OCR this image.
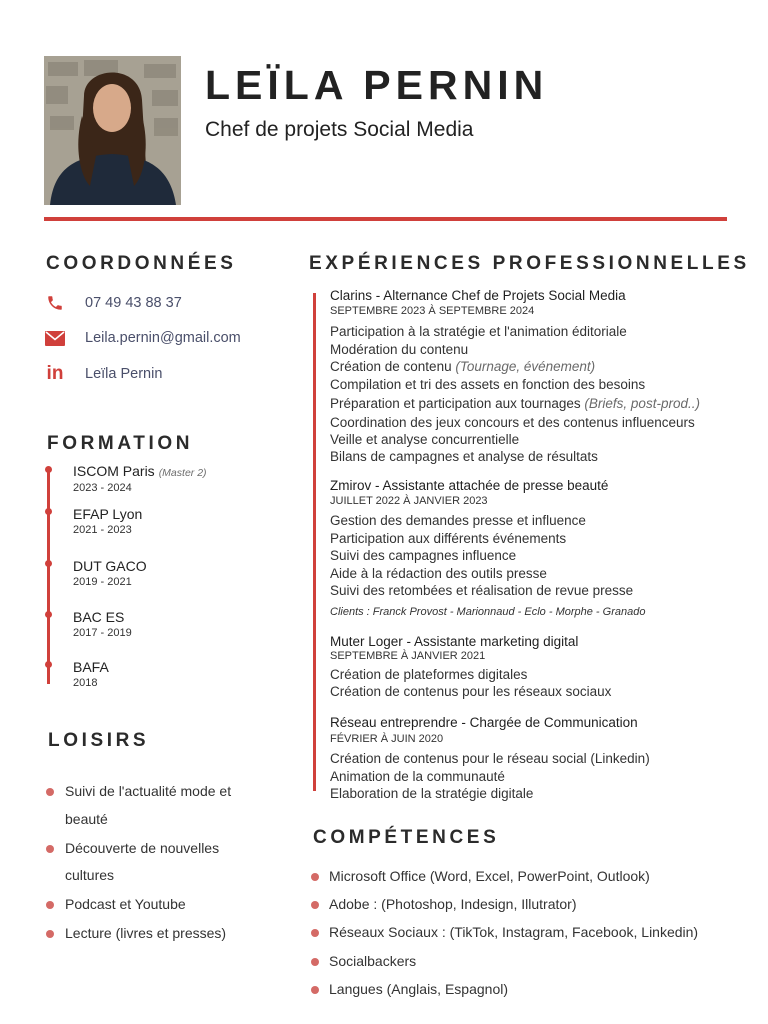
LEÏLA PERNIN
Chef de projets Social Media
COORDONNÉES
07 49 43 88 37
Leila.pernin@gmail.com
in Leïla Pernin
FORMATION
ISCOM Paris (Master 2)
2023 - 2024
EFAP Lyon
2021 - 2023
DUT GACO
2019 - 2021
BAC ES
2017 - 2019
BAFA
2018
LOISIRS
Suivi de l'actualité mode et
beauté
Découverte de nouvelles
cultures
Podcast et Youtube
Lecture (livres et presses)
EXPÉRIENCES PROFESSIONNELLES
Clarins - Alternance Chef de Projets Social Media
SEPTEMBRE 2023 À SEPTEMBRE 2024
Participation à la stratégie et l'animation éditoriale
Modération du contenu
Création de contenu (Tournage, événement)
Compilation et tri des assets en fonction des besoins
Préparation et participation aux tournages (Briefs, post-prod..)
Coordination des jeux concours et des contenus influenceurs
Veille et analyse concurrentielle
Bilans de campagnes et analyse de résultats
Zmirov - Assistante attachée de presse beauté
JUILLET 2022 À JANVIER 2023
Gestion des demandes presse et influence
Participation aux différents événements
Suivi des campagnes influence
Aide à la rédaction des outils presse
Suivi des retombées et réalisation de revue presse
Clients : Franck Provost - Marionnaud - Eclo - Morphe - Granado
Muter Loger - Assistante marketing digital
SEPTEMBRE À JANVIER 2021
Création de plateformes digitales
Création de contenus pour les réseaux sociaux
Réseau entreprendre - Chargée de Communication
FÉVRIER À JUIN 2020
Création de contenus pour le réseau social (Linkedin)
Animation de la communauté
Elaboration de la stratégie digitale
COMPÉTENCES
Microsoft Office (Word, Excel, PowerPoint, Outlook)
Adobe : (Photoshop, Indesign, Illutrator)
Réseaux Sociaux : (TikTok, Instagram, Facebook, Linkedin)
Socialbackers
Langues (Anglais, Espagnol)
